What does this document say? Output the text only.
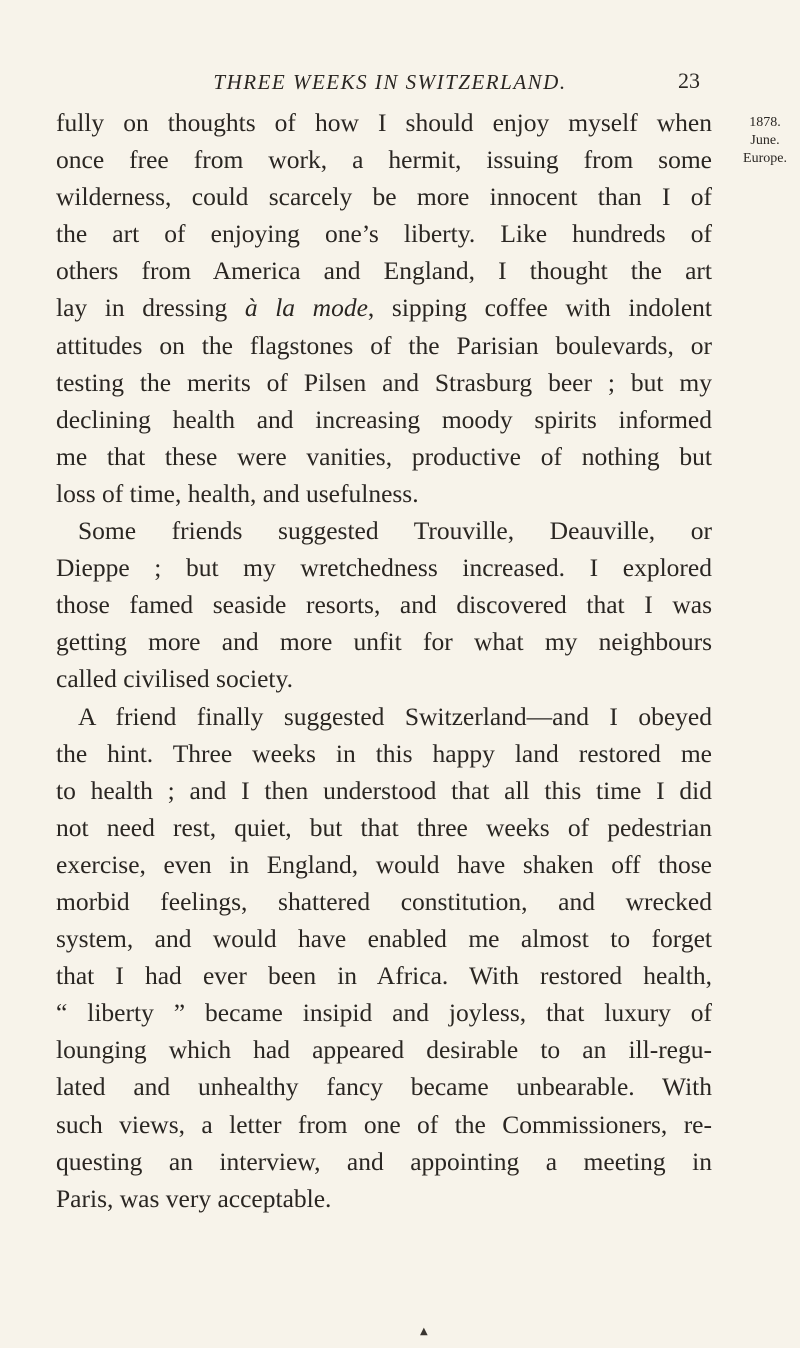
THREE WEEKS IN SWITZERLAND.	23
1878.
June.
Europe.
fully on thoughts of how I should enjoy myself when
once free from work, a hermit, issuing from some
wilderness, could scarcely be more innocent than I of
the art of enjoying one’s liberty. Like hundreds of
others from America and England, I thought the art
lay in dressing à la mode, sipping coffee with indolent
attitudes on the flagstones of the Parisian boulevards, or
testing the merits of Pilsen and Strasburg beer ; but my
declining health and increasing moody spirits informed
me that these were vanities, productive of nothing but
loss of time, health, and usefulness.
Some friends suggested Trouville, Deauville, or
Dieppe ; but my wretchedness increased. I explored
those famed seaside resorts, and discovered that I was
getting more and more unfit for what my neighbours
called civilised society.
A friend finally suggested Switzerland—and I obeyed
the hint. Three weeks in this happy land restored me
to health ; and I then understood that all this time I did
not need rest, quiet, but that three weeks of pedestrian
exercise, even in England, would have shaken off those
morbid feelings, shattered constitution, and wrecked
system, and would have enabled me almost to forget
that I had ever been in Africa. With restored health,
“ liberty ” became insipid and joyless, that luxury of
lounging which had appeared desirable to an ill-regu-
lated and unhealthy fancy became unbearable. With
such views, a letter from one of the Commissioners, re-
questing an interview, and appointing a meeting in
Paris, was very acceptable.
▲
